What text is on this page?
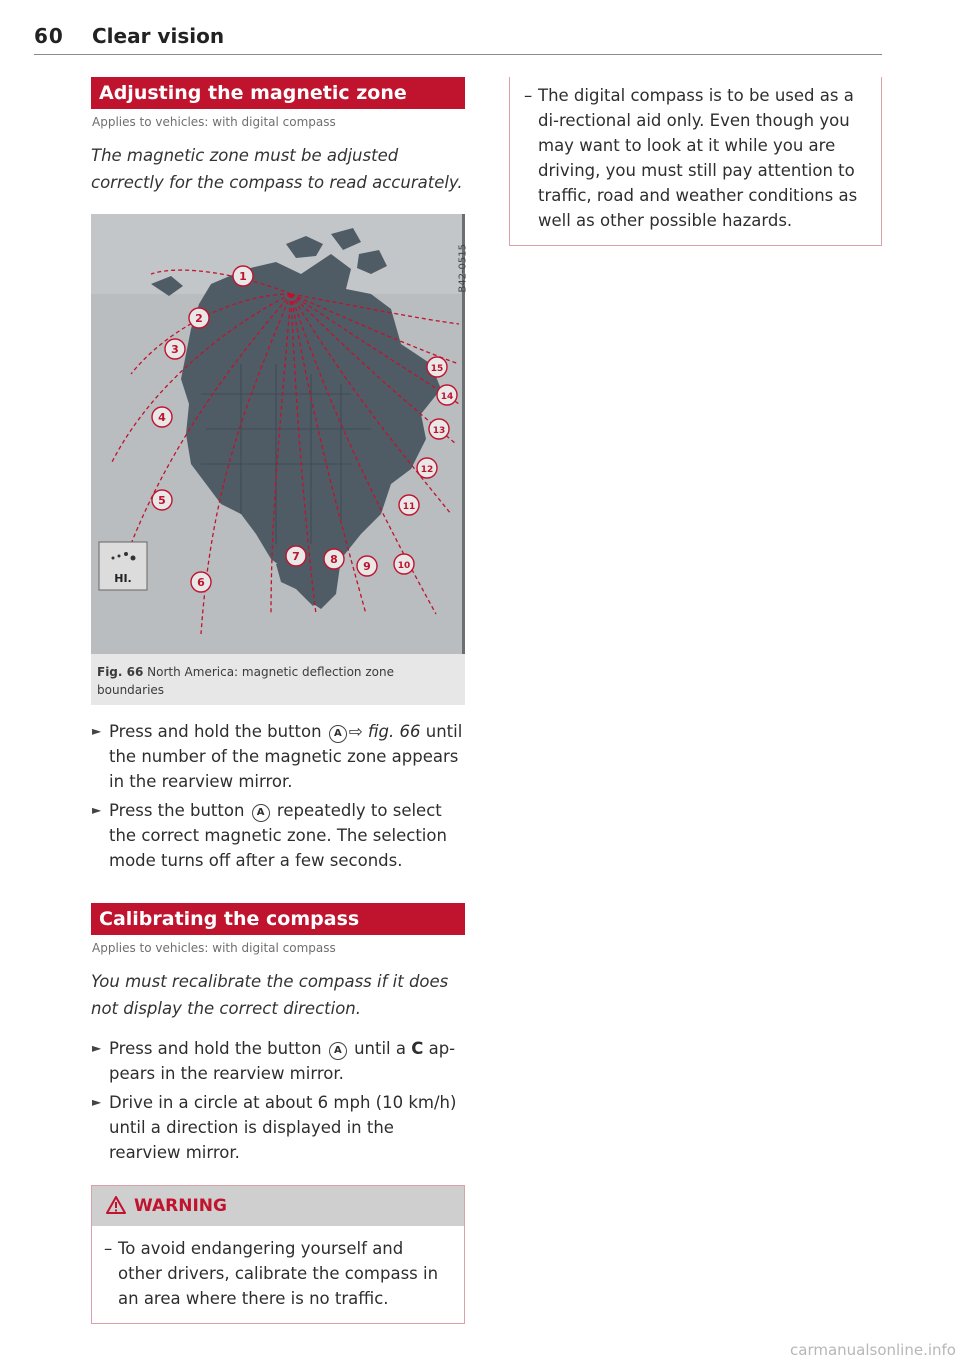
60 Clear vision
Adjusting the magnetic zone
Applies to vehicles: with digital compass

The magnetic zone must be adjusted correctly for the compass to read accurately.

1
2
3
4
5
6
7	8
9	10
11
12
13
14
15
HI.
B42-0515
Fig. 66 North America: magnetic deflection zone boundaries
► Press and hold the button A ⇨ fig. 66 until the number of the magnetic zone appears in the rearview mirror.
► Press the button A repeatedly to select the correct magnetic zone. The selection mode turns off after a few seconds.
Calibrating the compass
Applies to vehicles: with digital compass

You must recalibrate the compass if it does not display the correct direction.

► Press and hold the button A until a C ap-pears in the rearview mirror.
► Drive in a circle at about 6 mph (10 km/h) until a direction is displayed in the rearview mirror.
WARNING
– To avoid endangering yourself and other drivers, calibrate the compass in an area where there is no traffic.
– The digital compass is to be used as a di-rectional aid only. Even though you may want to look at it while you are driving, you must still pay attention to traffic, road and weather conditions as well as other possible hazards.
carmanualsonline.info
